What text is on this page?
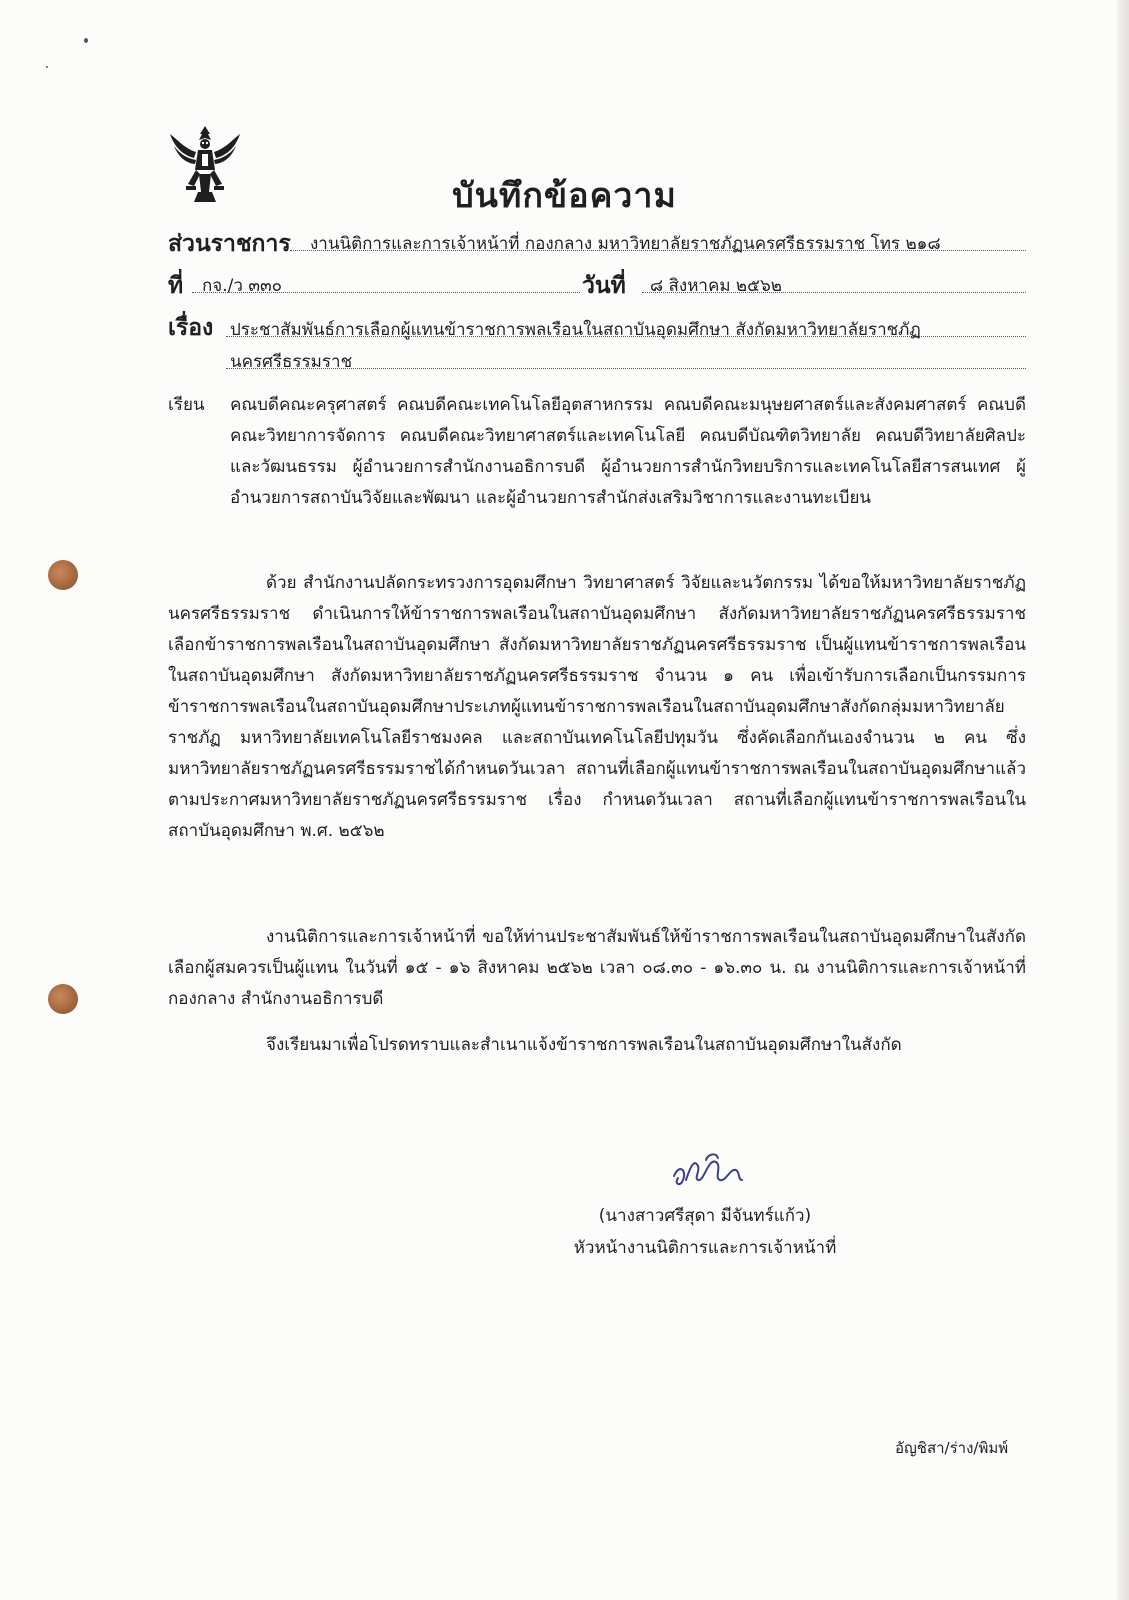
บันทึกข้อความ
ส่วนราชการ งานนิติการและการเจ้าหน้าที่ กองกลาง มหาวิทยาลัยราชภัฏนครศรีธรรมราช โทร ๒๑๘
ที่ กจ./ว ๓๓๐	วันที่ ๘ สิงหาคม ๒๕๖๒
เรื่อง ประชาสัมพันธ์การเลือกผู้แทนข้าราชการพลเรือนในสถาบันอุดมศึกษา สังกัดมหาวิทยาลัยราชภัฏ
นครศรีธรรมราช
เรียน คณบดีคณะครุศาสตร์ คณบดีคณะเทคโนโลยีอุตสาหกรรม คณบดีคณะมนุษยศาสตร์และสังคมศาสตร์ คณบดีคณะวิทยาการจัดการ คณบดีคณะวิทยาศาสตร์และเทคโนโลยี คณบดีบัณฑิตวิทยาลัย คณบดีวิทยาลัยศิลปะและวัฒนธรรม ผู้อำนวยการสำนักงานอธิการบดี ผู้อำนวยการสำนักวิทยบริการและเทคโนโลยีสารสนเทศ ผู้อำนวยการสถาบันวิจัยและพัฒนา และผู้อำนวยการสำนักส่งเสริมวิชาการและงานทะเบียน
ด้วย สำนักงานปลัดกระทรวงการอุดมศึกษา วิทยาศาสตร์ วิจัยและนวัตกรรม ได้ขอให้มหาวิทยาลัยราชภัฏนครศรีธรรมราช ดำเนินการให้ข้าราชการพลเรือนในสถาบันอุดมศึกษา สังกัดมหาวิทยาลัยราชภัฏนครศรีธรรมราช เลือกข้าราชการพลเรือนในสถาบันอุดมศึกษา สังกัดมหาวิทยาลัยราชภัฏนครศรีธรรมราช เป็นผู้แทนข้าราชการพลเรือนในสถาบันอุดมศึกษา สังกัดมหาวิทยาลัยราชภัฏนครศรีธรรมราช จำนวน ๑ คน เพื่อเข้ารับการเลือกเป็นกรรมการข้าราชการพลเรือนในสถาบันอุดมศึกษาประเภทผู้แทนข้าราชการพลเรือนในสถาบันอุดมศึกษาสังกัดกลุ่มมหาวิทยาลัยราชภัฏ มหาวิทยาลัยเทคโนโลยีราชมงคล และสถาบันเทคโนโลยีปทุมวัน ซึ่งคัดเลือกกันเองจำนวน ๒ คน ซึ่งมหาวิทยาลัยราชภัฏนครศรีธรรมราชได้กำหนดวันเวลา สถานที่เลือกผู้แทนข้าราชการพลเรือนในสถาบันอุดมศึกษาแล้ว ตามประกาศมหาวิทยาลัยราชภัฏนครศรีธรรมราช เรื่อง กำหนดวันเวลา สถานที่เลือกผู้แทนข้าราชการพลเรือนในสถาบันอุดมศึกษา พ.ศ. ๒๕๖๒
งานนิติการและการเจ้าหน้าที่ ขอให้ท่านประชาสัมพันธ์ให้ข้าราชการพลเรือนในสถาบันอุดมศึกษาในสังกัด เลือกผู้สมควรเป็นผู้แทน ในวันที่ ๑๕ - ๑๖ สิงหาคม ๒๕๖๒ เวลา ๐๘.๓๐ - ๑๖.๓๐ น. ณ งานนิติการและการเจ้าหน้าที่ กองกลาง สำนักงานอธิการบดี
จึงเรียนมาเพื่อโปรดทราบและสำเนาแจ้งข้าราชการพลเรือนในสถาบันอุดมศึกษาในสังกัด
(นางสาวศรีสุดา มีจันทร์แก้ว)
หัวหน้างานนิติการและการเจ้าหน้าที่
อัญชิสา/ร่าง/พิมพ์
